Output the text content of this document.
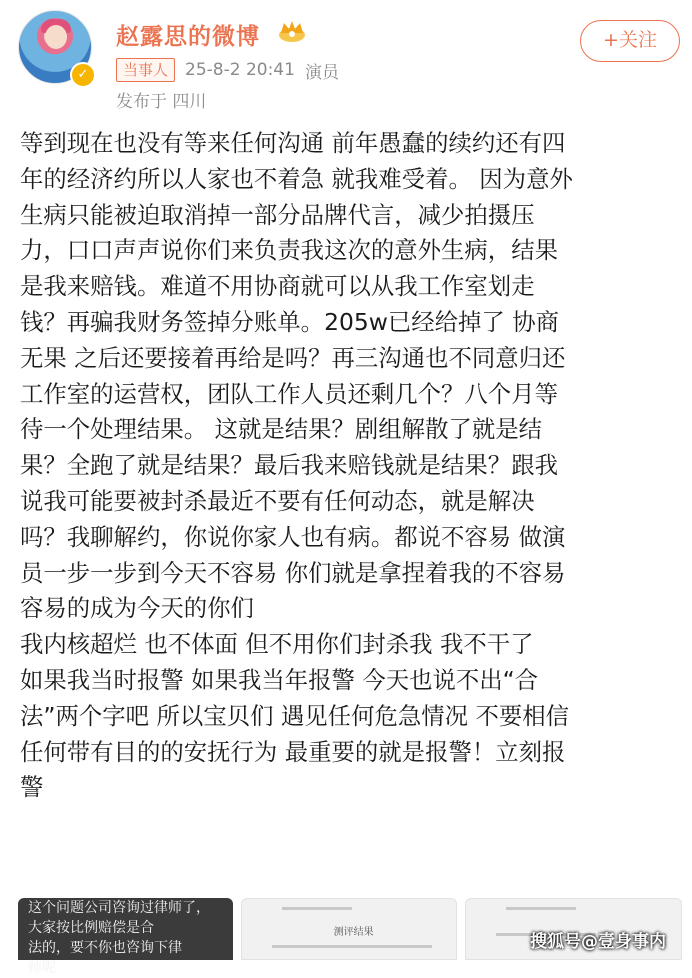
✓
赵露思的微博	+关注
当事人	25-8-2 20:41 演员
发布于 四川

等到现在也没有等来任何沟通 前年愚蠢的续约还有四

年的经济约所以人家也不着急 就我难受着。 因为意外

生病只能被迫取消掉一部分品牌代言，减少拍摄压

力，口口声声说你们来负责我这次的意外生病，结果

是我来赔钱。难道不用协商就可以从我工作室划走

钱？再骗我财务签掉分账单。205w已经给掉了 协商

无果 之后还要接着再给是吗？再三沟通也不同意归还

工作室的运营权，团队工作人员还剩几个？八个月等

待一个处理结果。 这就是结果？剧组解散了就是结

果？全跑了就是结果？最后我来赔钱就是结果？跟我

说我可能要被封杀最近不要有任何动态，就是解决

吗？我聊解约，你说你家人也有病。都说不容易 做演

员一步一步到今天不容易 你们就是拿捏着我的不容易

容易的成为今天的你们

我内核超烂 也不体面 但不用你们封杀我 我不干了

如果我当时报警 如果我当年报警 今天也说不出“合

法”两个字吧 所以宝贝们 遇见任何危急情况 不要相信

任何带有目的的安抚行为 最重要的就是报警！立刻报

警

这个问题公司咨询过律师了，
大家按比例赔偿是合
法的，要不你也咨询下律
师呢
测评结果	搜狐号@壹身事内
